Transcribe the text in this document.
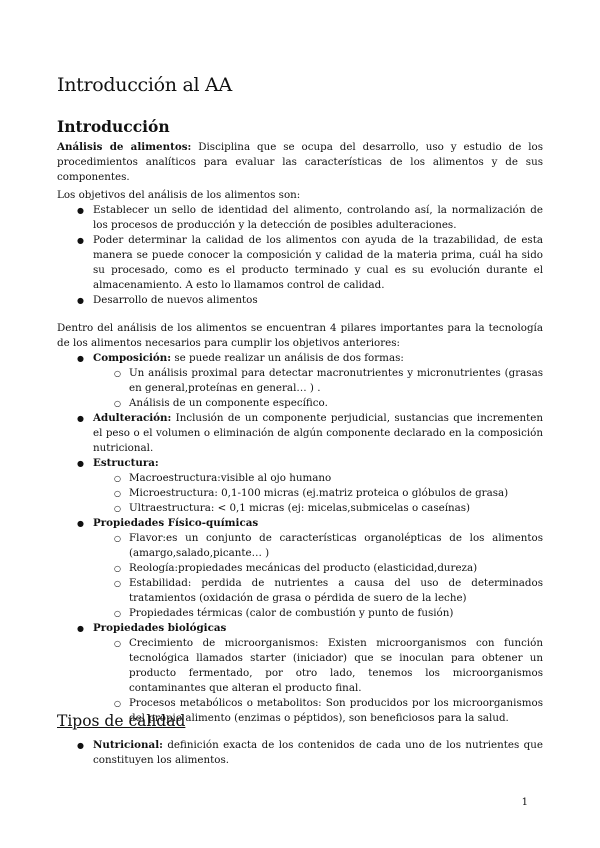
Introducción al AA
Introducción
Análisis de alimentos: Disciplina que se ocupa del desarrollo, uso y estudio de los procedimientos analíticos para evaluar las características de los alimentos y de sus componentes.
Los objetivos del análisis de los alimentos son:
● Establecer un sello de identidad del alimento, controlando así, la normalización de los procesos de producción y la detección de posibles adulteraciones.
● Poder determinar la calidad de los alimentos con ayuda de la trazabilidad, de esta manera se puede conocer la composición y calidad de la materia prima, cuál ha sido su procesado, como es el producto terminado y cual es su evolución durante el almacenamiento. A esto lo llamamos control de calidad.
● Desarrollo de nuevos alimentos
Dentro del análisis de los alimentos se encuentran 4 pilares importantes para la tecnología de los alimentos necesarios para cumplir los objetivos anteriores:
● Composición: se puede realizar un análisis de dos formas:
○ Un análisis proximal para detectar macronutrientes y micronutrientes (grasas en general,proteínas en general… ) .
○ Análisis de un componente específico.
● Adulteración: Inclusión de un componente perjudicial, sustancias que incrementen el peso o el volumen o eliminación de algún componente declarado en la composición nutricional.
● Estructura:
○ Macroestructura:visible al ojo humano
○ Microestructura: 0,1-100 micras (ej.matriz proteica o glóbulos de grasa)
○ Ultraestructura: < 0,1 micras (ej: micelas,submicelas o caseínas)
● Propiedades Físico-químicas
○ Flavor:es un conjunto de características organolépticas de los alimentos (amargo,salado,picante… )
○ Reología:propiedades mecánicas del producto (elasticidad,dureza)
○ Estabilidad: perdida de nutrientes a causa del uso de determinados tratamientos (oxidación de grasa o pérdida de suero de la leche)
○ Propiedades térmicas (calor de combustión y punto de fusión)
● Propiedades biológicas
○ Crecimiento de microorganismos: Existen microorganismos con función tecnológica llamados starter (iniciador) que se inoculan para obtener un producto fermentado, por otro lado, tenemos los microorganismos contaminantes que alteran el producto final.
○ Procesos metabólicos o metabolitos: Son producidos por los microorganismos del propio alimento (enzimas o péptidos), son beneficiosos para la salud.
Tipos de calidad
● Nutricional: definición exacta de los contenidos de cada uno de los nutrientes que constituyen los alimentos.
1
